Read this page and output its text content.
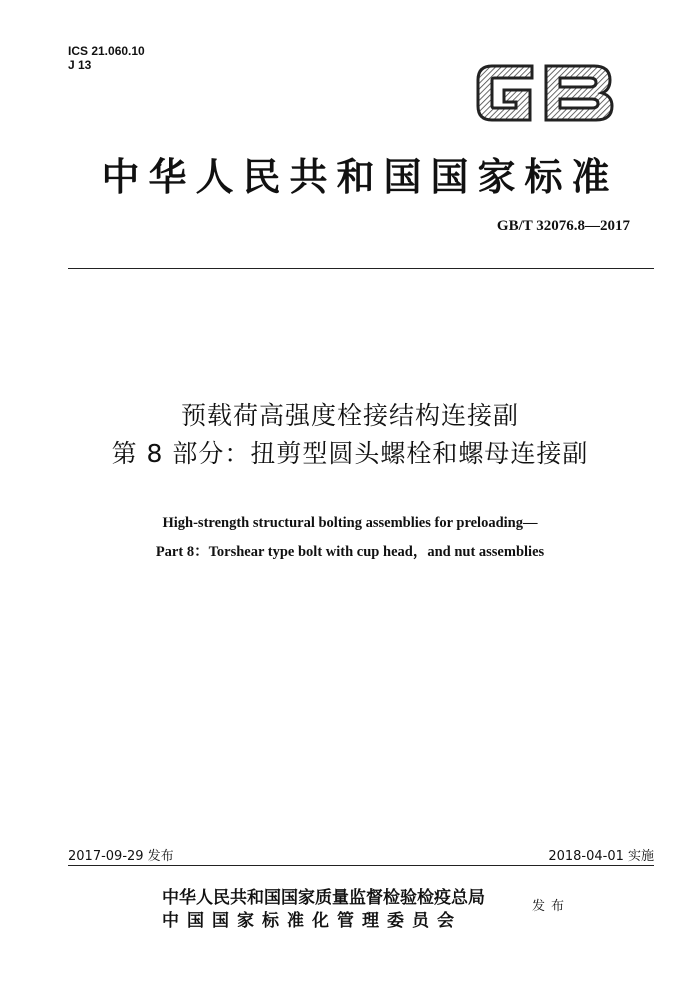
ICS 21.060.10
J 13
中华人民共和国国家标准
GB/T 32076.8—2017
预载荷高强度栓接结构连接副
第 8 部分：扭剪型圆头螺栓和螺母连接副
High-strength structural bolting assemblies for preloading—
Part 8：Torshear type bolt with cup head，and nut assemblies
2017-09-29 发布	2018-04-01 实施
中华人民共和国国家质量监督检验检疫总局
中国国家标准化管理委员会
发布
